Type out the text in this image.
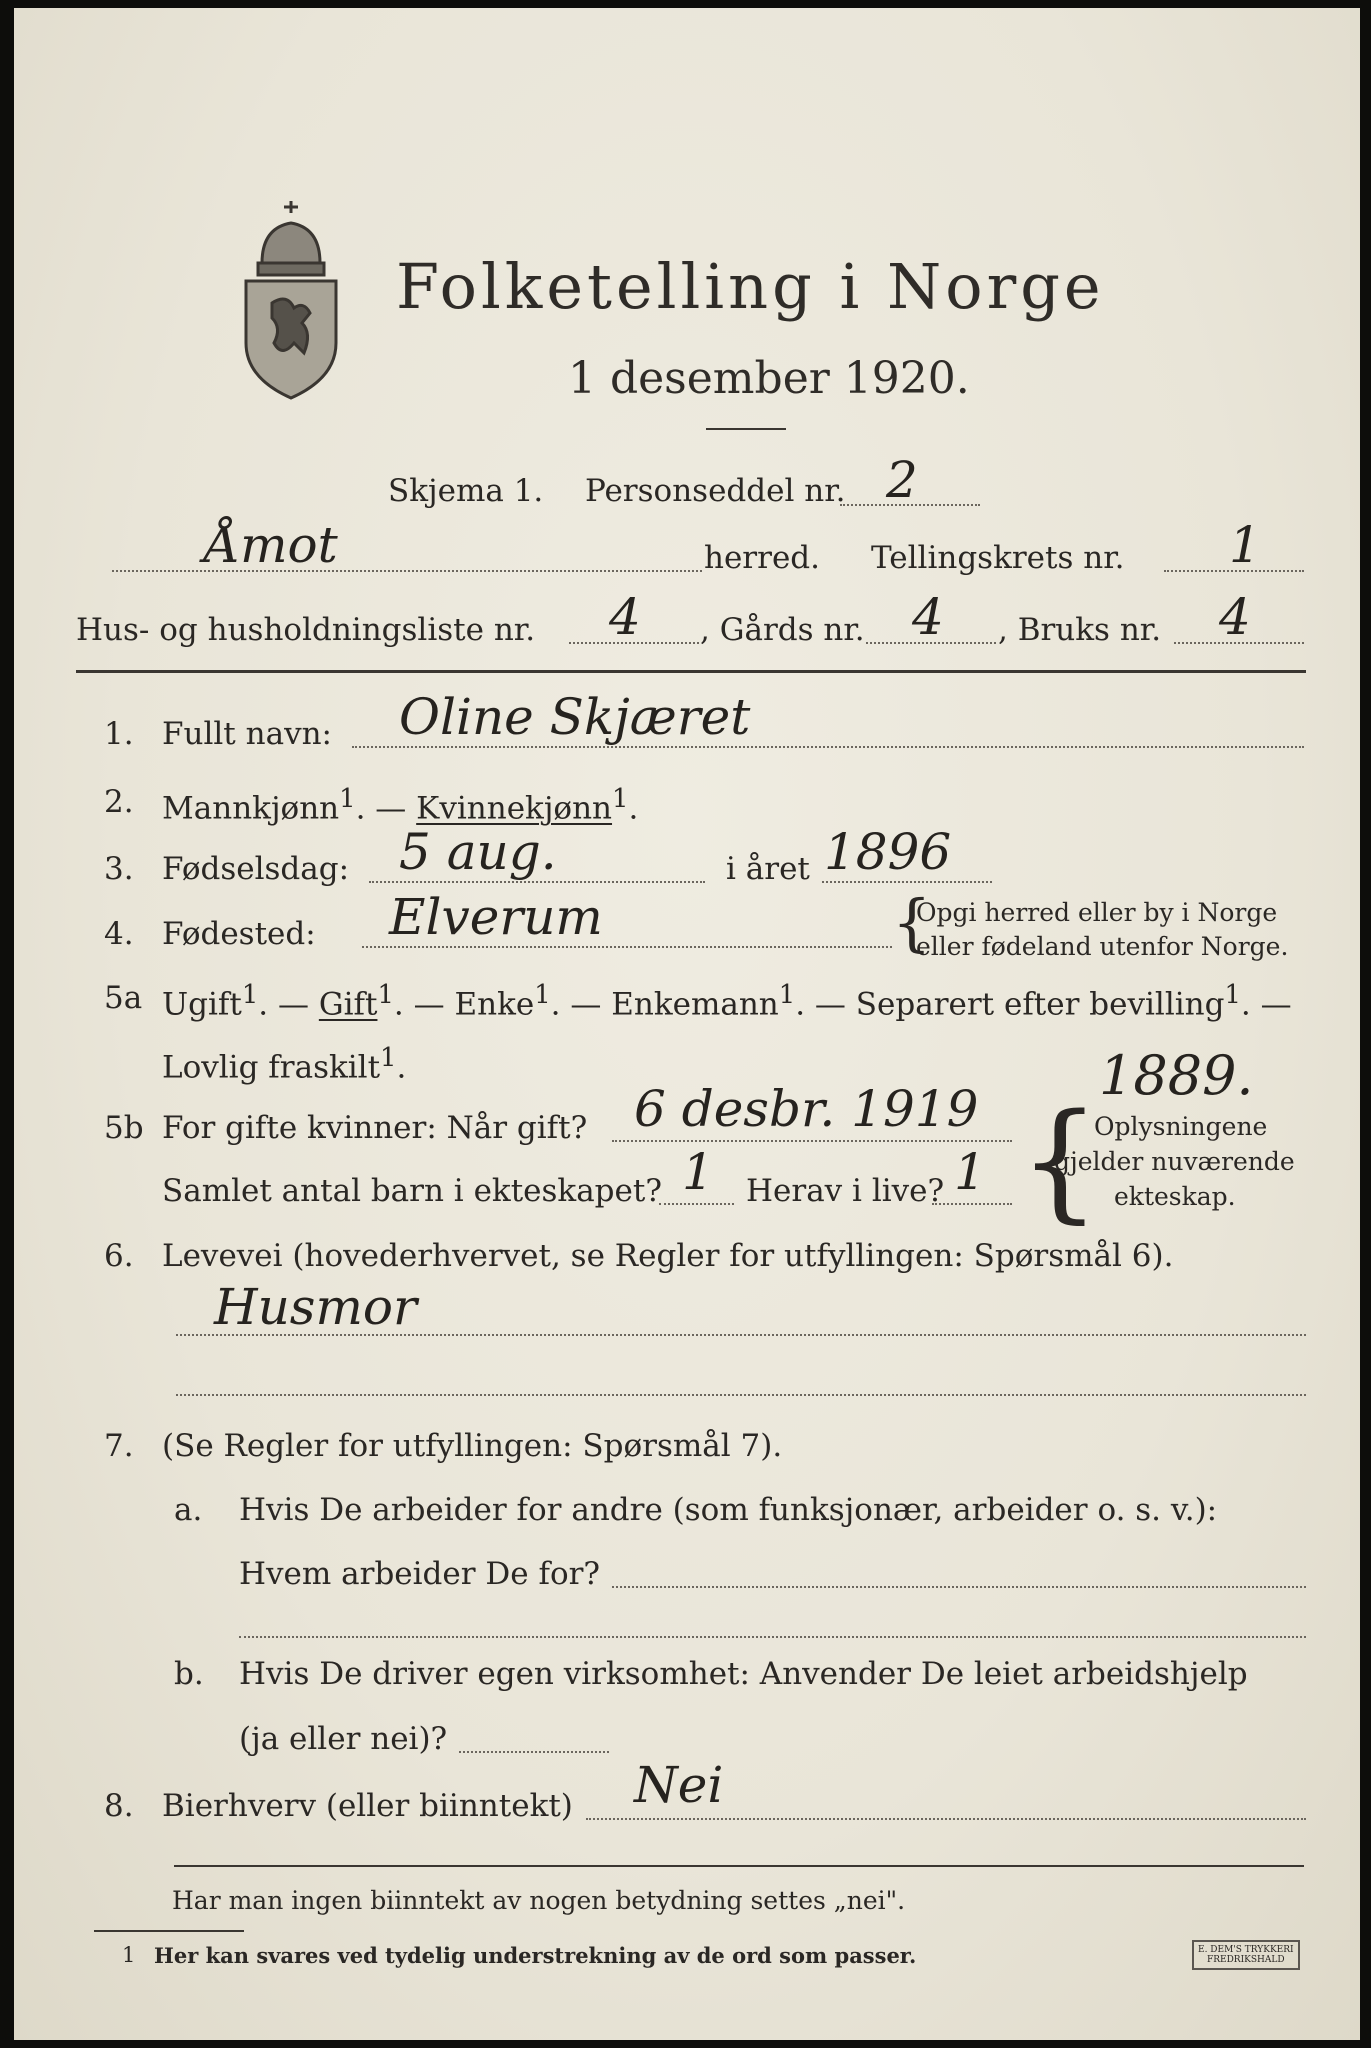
Folketelling i Norge
1 desember 1920.
Skjema 1. Personseddel nr. 2
Åmot	herred. Tellingskrets nr. 1
Hus- og husholdningsliste nr. 4 , Gårds nr. 4 , Bruks nr. 4
1. Fullt navn: Oline Skjæret
2. Mannkjønn$^1$. — Kvinnekjønn$^1$.
3. Fødselsdag: 5 aug.	i året 1896
4. Fødested: Elverum	{
Opgi herred eller by i Norge
eller fødeland utenfor Norge.
5a Ugift$^1$. — Gift$^1$. — Enke$^1$. — Enkemann$^1$. — Separert efter bevilling$^1$. —
Lovlig fraskilt$^1$.	1889.
5b For gifte kvinner: Når gift? 6 desbr. 1919
Samlet antal barn i ekteskapet? 1 Herav i live? 1 {
Oplysningene
gjelder nuværende
ekteskap.
6. Levevei (hovederhvervet, se Regler for utfyllingen: Spørsmål 6).
Husmor
7. (Se Regler for utfyllingen: Spørsmål 7).
a. Hvis De arbeider for andre (som funksjonær, arbeider o. s. v.):
Hvem arbeider De for?
b. Hvis De driver egen virksomhet: Anvender De leiet arbeidshjelp
(ja eller nei)?
8. Bierhverv (eller biinntekt) Nei
Har man ingen biinntekt av nogen betydning settes „nei".
1 Her kan svares ved tydelig understrekning av de ord som passer.	E. DEM'S TRYKKERI
FREDRIKSHALD
